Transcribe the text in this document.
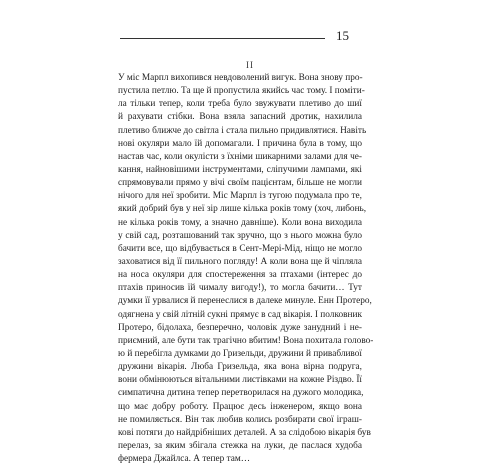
15
II
У міс Марпл вихопився невдоволений вигук. Вона знову про-
пустила петлю. Та ще й пропустила якийсь час тому. І поміти-
ла тільки тепер, коли треба було звужувати плетиво до шиї
й рахувати стібки. Вона взяла запасний дротик, нахилила
плетиво ближче до світла і стала пильно придивлятися. Навіть
нові окуляри мало їй допомагали. І причина була в тому, що
настав час, коли окулісти з їхніми шикарними залами для че-
кання, найновішими інструментами, сліпучими лампами, які
спрямовували прямо у вічі своїм пацієнтам, більше не могли
нічого для неї зробити. Міс Марпл із тугою подумала про те,
який добрий був у неї зір лише кілька років тому (хоч, либонь,
не кілька років тому, а значно давніше). Коли вона виходила
у свій сад, розташований так зручно, що з нього можна було
бачити все, що відбувається в Сент-Мері-Мід, ніщо не могло
заховатися від її пильного погляду! А коли вона ще й чіпляла
на носа окуляри для спостереження за птахами (інтерес до
птахів приносив їй чималу вигоду!), то могла бачити… Тут
думки її урвалися й перенеслися в далеке минуле. Енн Протеро,
одягнена у свій літній сукні прямує в сад вікарія. І полковник
Протеро, бідолаха, безперечно, чоловік дуже занудний і не-
приємний, але бути так трагічно вбитим! Вона похитала голово-
ю й перебігла думками до Гризельди, дружини й привабливої
дружини вікарія. Люба Гризельда, яка вона вірна подруга,
вони обмінюються вітальними листівками на кожне Різдво. Її
симпатична дитина тепер перетворилася на дужого молодика,
що має добру роботу. Працює десь інженером, якщо вона
не помиляється. Він так любив колись розбирати свої іграш-
кові потяги до найдрібніших деталей. А за слідобою вікарія був
перелаз, за яким збігала стежка на луки, де паслася худоба
фермера Джайлса. А тепер там…
